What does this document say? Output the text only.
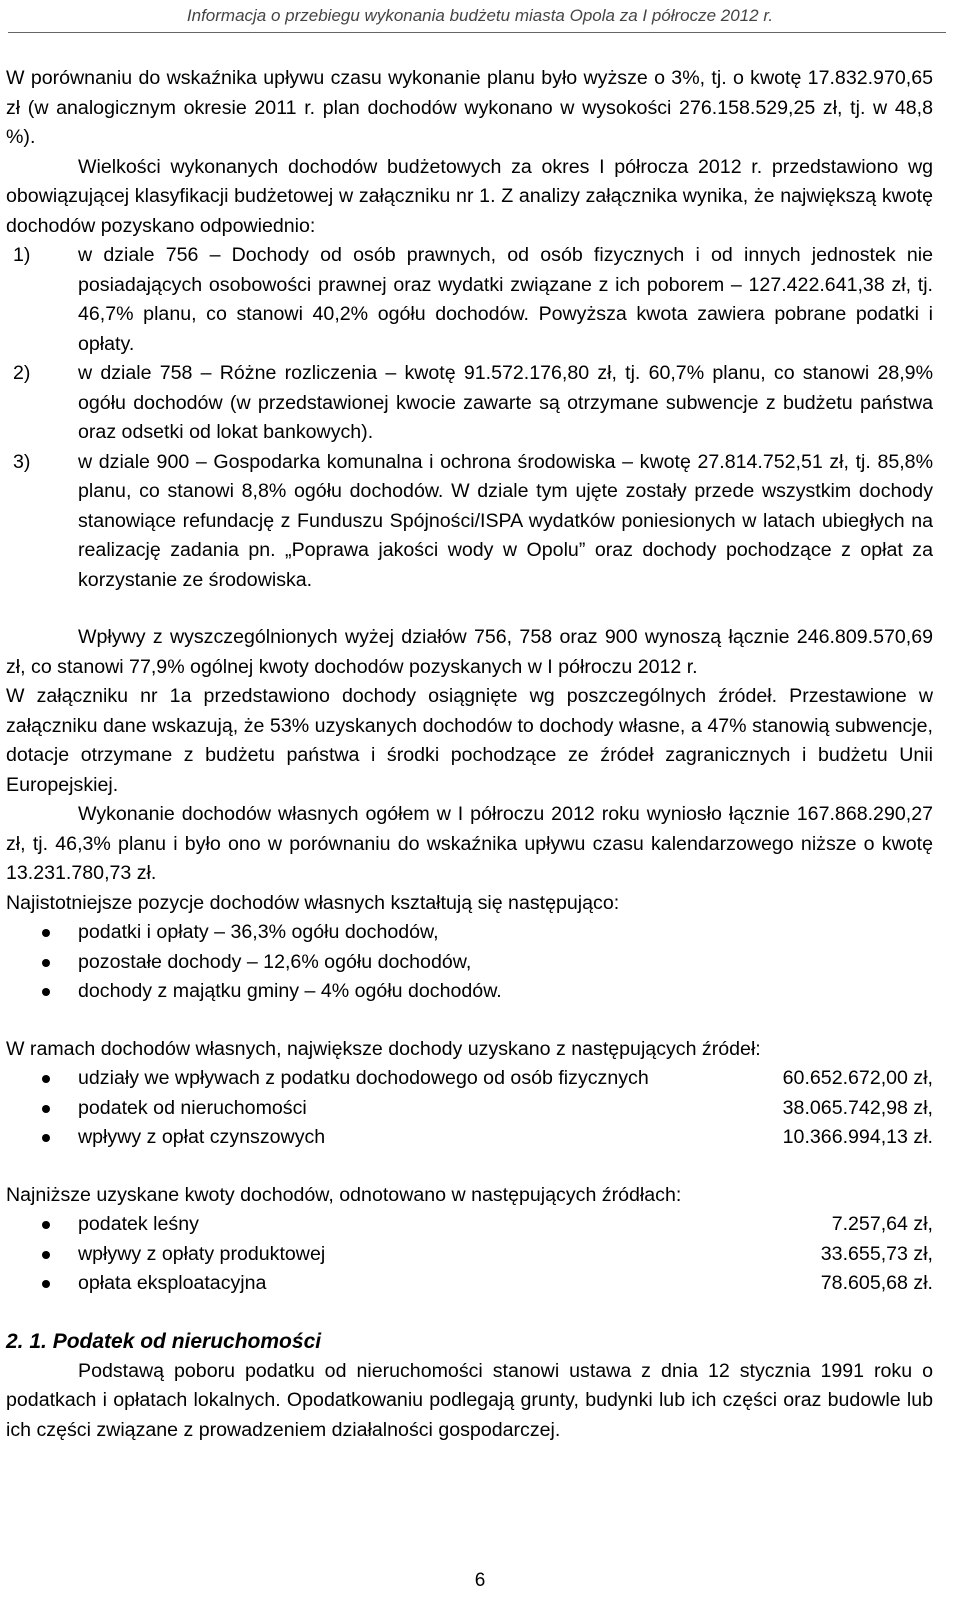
Informacja o przebiegu wykonania budżetu miasta Opola za I półrocze 2012 r.

W porównaniu do wskaźnika upływu czasu wykonanie planu było wyższe o 3%, tj. o kwotę 17.832.970,65 zł (w analogicznym okresie 2011 r. plan dochodów wykonano w wysokości 276.158.529,25 zł, tj. w 48,8 %).

Wielkości wykonanych dochodów budżetowych za okres I półrocza 2012 r. przedstawiono wg obowiązującej klasyfikacji budżetowej w załączniku nr 1. Z analizy załącznika wynika, że największą kwotę dochodów pozyskano odpowiednio:

1) w dziale 756 – Dochody od osób prawnych, od osób fizycznych i od innych jednostek nie posiadających osobowości prawnej oraz wydatki związane z ich poborem – 127.422.641,38 zł, tj. 46,7% planu, co stanowi 40,2% ogółu dochodów. Powyższa kwota zawiera pobrane podatki i opłaty.
2) w dziale 758 – Różne rozliczenia – kwotę 91.572.176,80 zł, tj. 60,7% planu, co stanowi 28,9% ogółu dochodów (w przedstawionej kwocie zawarte są otrzymane subwencje z budżetu państwa oraz odsetki od lokat bankowych).
3) w dziale 900 – Gospodarka komunalna i ochrona środowiska – kwotę 27.814.752,51 zł, tj. 85,8% planu, co stanowi 8,8% ogółu dochodów. W dziale tym ujęte zostały przede wszystkim dochody stanowiące refundację z Funduszu Spójności/ISPA wydatków poniesionych w latach ubiegłych na realizację zadania pn. „Poprawa jakości wody w Opolu” oraz dochody pochodzące z opłat za korzystanie ze środowiska.

Wpływy z wyszczególnionych wyżej działów 756, 758 oraz 900 wynoszą łącznie 246.809.570,69 zł, co stanowi 77,9% ogólnej kwoty dochodów pozyskanych w I półroczu 2012 r.

W załączniku nr 1a przedstawiono dochody osiągnięte wg poszczególnych źródeł. Przestawione w załączniku dane wskazują, że 53% uzyskanych dochodów to dochody własne, a 47% stanowią subwencje, dotacje otrzymane z budżetu państwa i środki pochodzące ze źródeł zagranicznych i budżetu Unii Europejskiej.

Wykonanie dochodów własnych ogółem w I półroczu 2012 roku wyniosło łącznie 167.868.290,27 zł, tj. 46,3% planu i było ono w porównaniu do wskaźnika upływu czasu kalendarzowego niższe o kwotę 13.231.780,73 zł.

Najistotniejsze pozycje dochodów własnych kształtują się następująco:

podatki i opłaty – 36,3% ogółu dochodów,
pozostałe dochody – 12,6% ogółu dochodów,
dochody z majątku gminy – 4% ogółu dochodów.

W ramach dochodów własnych, największe dochody uzyskano z następujących źródeł:

udziały we wpływach z podatku dochodowego od osób fizycznych	60.652.672,00 zł,
podatek od nieruchomości	38.065.742,98 zł,
wpływy z opłat czynszowych	10.366.994,13 zł.

Najniższe uzyskane kwoty dochodów, odnotowano w następujących źródłach:

podatek leśny	7.257,64 zł,
wpływy z opłaty produktowej	33.655,73 zł,
opłata eksploatacyjna	78.605,68 zł.
2. 1. Podatek od nieruchomości

Podstawą poboru podatku od nieruchomości stanowi ustawa z dnia 12 stycznia 1991 roku o podatkach i opłatach lokalnych. Opodatkowaniu podlegają grunty, budynki lub ich części oraz budowle lub ich części związane z prowadzeniem działalności gospodarczej.

6
